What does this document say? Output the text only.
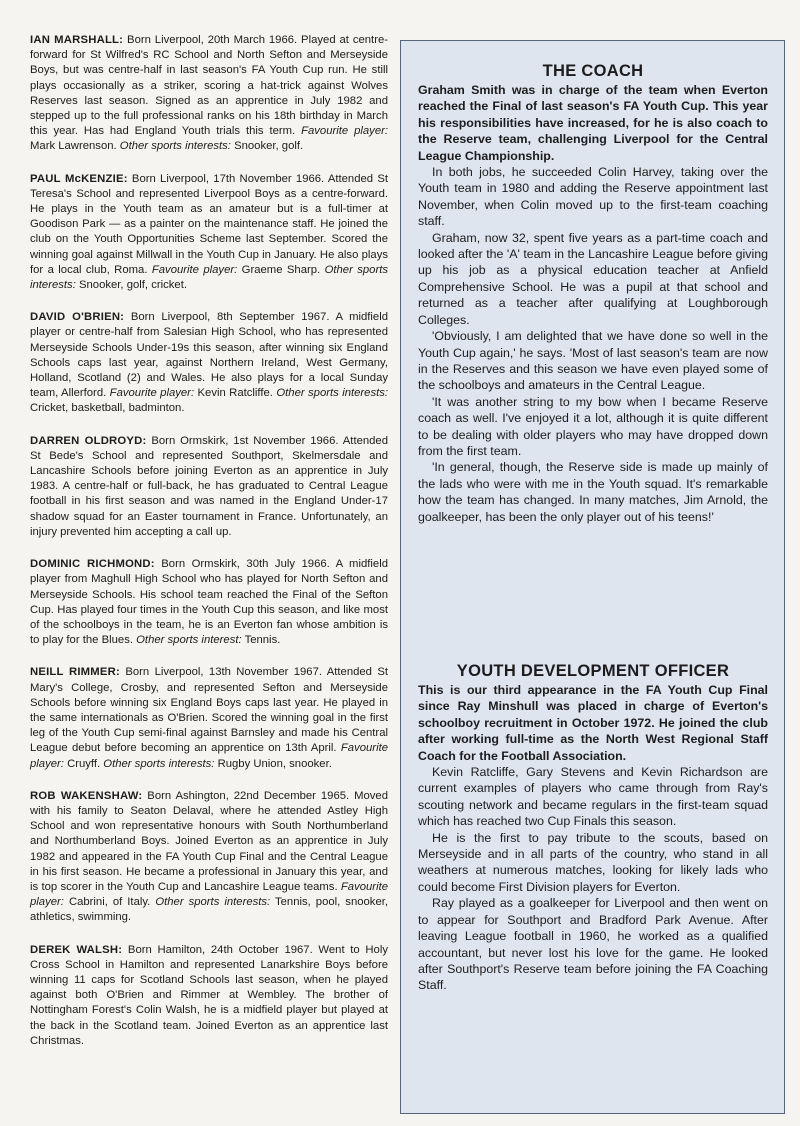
IAN MARSHALL: Born Liverpool, 20th March 1966. Played at centre-forward for St Wilfred's RC School and North Sefton and Merseyside Boys, but was centre-half in last season's FA Youth Cup run. He still plays occasionally as a striker, scoring a hat-trick against Wolves Reserves last season. Signed as an apprentice in July 1982 and stepped up to the full professional ranks on his 18th birthday in March this year. Has had England Youth trials this term. Favourite player: Mark Lawrenson. Other sports interests: Snooker, golf.

PAUL McKENZIE: Born Liverpool, 17th November 1966. Attended St Teresa's School and represented Liverpool Boys as a centre-forward. He plays in the Youth team as an amateur but is a full-timer at Goodison Park — as a painter on the maintenance staff. He joined the club on the Youth Opportunities Scheme last September. Scored the winning goal against Millwall in the Youth Cup in January. He also plays for a local club, Roma. Favourite player: Graeme Sharp. Other sports interests: Snooker, golf, cricket.

DAVID O'BRIEN: Born Liverpool, 8th September 1967. A midfield player or centre-half from Salesian High School, who has represented Merseyside Schools Under-19s this season, after winning six England Schools caps last year, against Northern Ireland, West Germany, Holland, Scotland (2) and Wales. He also plays for a local Sunday team, Allerford. Favourite player: Kevin Ratcliffe. Other sports interests: Cricket, basketball, badminton.

DARREN OLDROYD: Born Ormskirk, 1st November 1966. Attended St Bede's School and represented Southport, Skelmersdale and Lancashire Schools before joining Everton as an apprentice in July 1983. A centre-half or full-back, he has graduated to Central League football in his first season and was named in the England Under-17 shadow squad for an Easter tournament in France. Unfortunately, an injury prevented him accepting a call up.

DOMINIC RICHMOND: Born Ormskirk, 30th July 1966. A midfield player from Maghull High School who has played for North Sefton and Merseyside Schools. His school team reached the Final of the Sefton Cup. Has played four times in the Youth Cup this season, and like most of the schoolboys in the team, he is an Everton fan whose ambition is to play for the Blues. Other sports interest: Tennis.

NEILL RIMMER: Born Liverpool, 13th November 1967. Attended St Mary's College, Crosby, and represented Sefton and Merseyside Schools before winning six England Boys caps last year. He played in the same internationals as O'Brien. Scored the winning goal in the first leg of the Youth Cup semi-final against Barnsley and made his Central League debut before becoming an apprentice on 13th April. Favourite player: Cruyff. Other sports interests: Rugby Union, snooker.

ROB WAKENSHAW: Born Ashington, 22nd December 1965. Moved with his family to Seaton Delaval, where he attended Astley High School and won representative honours with South Northumberland and Northumberland Boys. Joined Everton as an apprentice in July 1982 and appeared in the FA Youth Cup Final and the Central League in his first season. He became a professional in January this year, and is top scorer in the Youth Cup and Lancashire League teams. Favourite player: Cabrini, of Italy. Other sports interests: Tennis, pool, snooker, athletics, swimming.

DEREK WALSH: Born Hamilton, 24th October 1967. Went to Holy Cross School in Hamilton and represented Lanarkshire Boys before winning 11 caps for Scotland Schools last season, when he played against both O'Brien and Rimmer at Wembley. The brother of Nottingham Forest's Colin Walsh, he is a midfield player but played at the back in the Scotland team. Joined Everton as an apprentice last Christmas.

THE COACH

Graham Smith was in charge of the team when Everton reached the Final of last season's FA Youth Cup. This year his responsibilities have increased, for he is also coach to the Reserve team, challenging Liverpool for the Central League Championship.

In both jobs, he succeeded Colin Harvey, taking over the Youth team in 1980 and adding the Reserve appointment last November, when Colin moved up to the first-team coaching staff.

Graham, now 32, spent five years as a part-time coach and looked after the 'A' team in the Lancashire League before giving up his job as a physical education teacher at Anfield Comprehensive School. He was a pupil at that school and returned as a teacher after qualifying at Loughborough Colleges.

'Obviously, I am delighted that we have done so well in the Youth Cup again,' he says. 'Most of last season's team are now in the Reserves and this season we have even played some of the schoolboys and amateurs in the Central League.

'It was another string to my bow when I became Reserve coach as well. I've enjoyed it a lot, although it is quite different to be dealing with older players who may have dropped down from the first team.

'In general, though, the Reserve side is made up mainly of the lads who were with me in the Youth squad. It's remarkable how the team has changed. In many matches, Jim Arnold, the goalkeeper, has been the only player out of his teens!'

YOUTH DEVELOPMENT OFFICER

This is our third appearance in the FA Youth Cup Final since Ray Minshull was placed in charge of Everton's schoolboy recruitment in October 1972. He joined the club after working full-time as the North West Regional Staff Coach for the Football Association.

Kevin Ratcliffe, Gary Stevens and Kevin Richardson are current examples of players who came through from Ray's scouting network and became regulars in the first-team squad which has reached two Cup Finals this season.

He is the first to pay tribute to the scouts, based on Merseyside and in all parts of the country, who stand in all weathers at numerous matches, looking for likely lads who could become First Division players for Everton.

Ray played as a goalkeeper for Liverpool and then went on to appear for Southport and Bradford Park Avenue. After leaving League football in 1960, he worked as a qualified accountant, but never lost his love for the game. He looked after Southport's Reserve team before joining the FA Coaching Staff.
